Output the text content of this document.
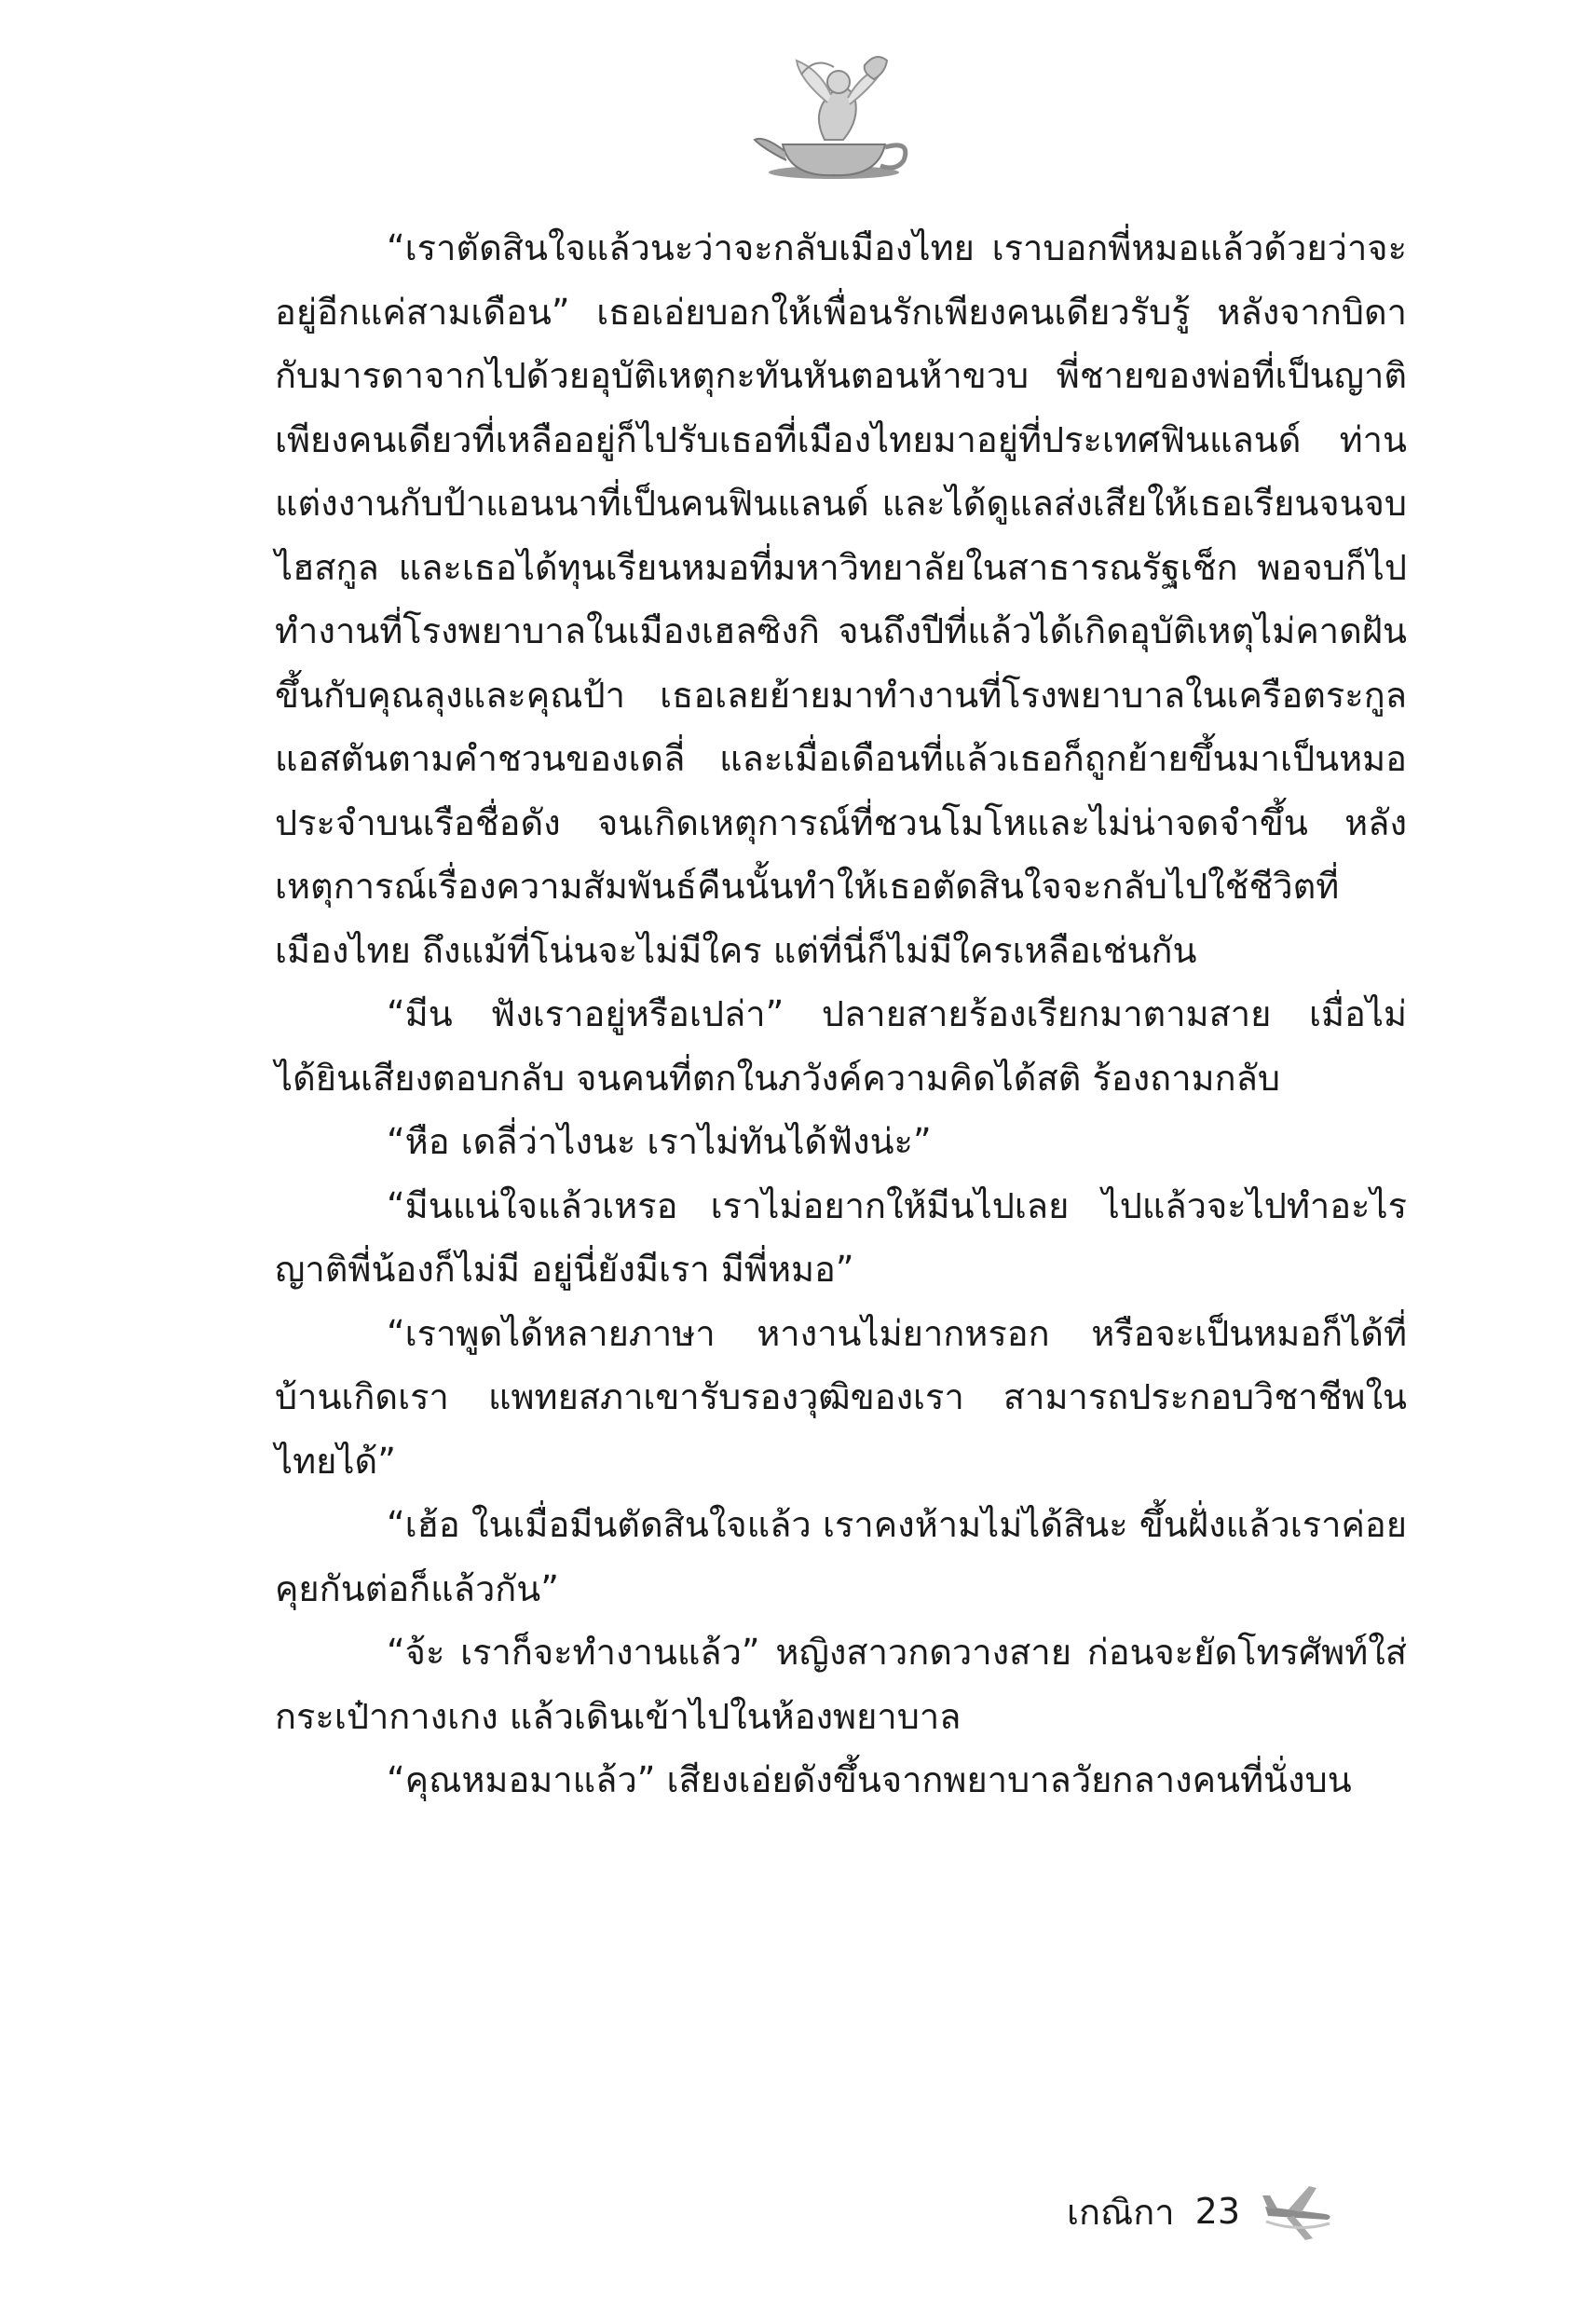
“เราตัดสินใจแล้วนะว่าจะกลับเมืองไทย เราบอกพี่หมอแล้วด้วยว่าจะอยู่อีกแค่สามเดือน” เธอเอ่ยบอกให้เพื่อนรักเพียงคนเดียวรับรู้ หลังจากบิดากับมารดาจากไปด้วยอุบัติเหตุกะทันหันตอนห้าขวบ พี่ชายของพ่อที่เป็นญาติเพียงคนเดียวที่เหลืออยู่ก็ไปรับเธอที่เมืองไทยมาอยู่ที่ประเทศฟินแลนด์ ท่านแต่งงานกับป้าแอนนาที่เป็นคนฟินแลนด์ และได้ดูแลส่งเสียให้เธอเรียนจนจบไฮสกูล และเธอได้ทุนเรียนหมอที่มหาวิทยาลัยในสาธารณรัฐเช็ก พอจบก็ไปทำงานที่โรงพยาบาลในเมืองเฮลซิงกิ จนถึงปีที่แล้วได้เกิดอุบัติเหตุไม่คาดฝันขึ้นกับคุณลุงและคุณป้า เธอเลยย้ายมาทำงานที่โรงพยาบาลในเครือตระกูลแอสตันตามคำชวนของเดลี่ และเมื่อเดือนที่แล้วเธอก็ถูกย้ายขึ้นมาเป็นหมอประจำบนเรือชื่อดัง จนเกิดเหตุการณ์ที่ชวนโมโหและไม่น่าจดจำขึ้น หลังเหตุการณ์เรื่องความสัมพันธ์คืนนั้นทำให้เธอตัดสินใจจะกลับไปใช้ชีวิตที่เมืองไทย ถึงแม้ที่โน่นจะไม่มีใคร แต่ที่นี่ก็ไม่มีใครเหลือเช่นกัน

“มีน ฟังเราอยู่หรือเปล่า” ปลายสายร้องเรียกมาตามสาย เมื่อไม่ได้ยินเสียงตอบกลับ จนคนที่ตกในภวังค์ความคิดได้สติ ร้องถามกลับ

“หือ เดลี่ว่าไงนะ เราไม่ทันได้ฟังน่ะ”

“มีนแน่ใจแล้วเหรอ เราไม่อยากให้มีนไปเลย ไปแล้วจะไปทำอะไร ญาติพี่น้องก็ไม่มี อยู่นี่ยังมีเรา มีพี่หมอ”

“เราพูดได้หลายภาษา หางานไม่ยากหรอก หรือจะเป็นหมอก็ได้ที่บ้านเกิดเรา แพทยสภาเขารับรองวุฒิของเรา สามารถประกอบวิชาชีพในไทยได้”

“เฮ้อ ในเมื่อมีนตัดสินใจแล้ว เราคงห้ามไม่ได้สินะ ขึ้นฝั่งแล้วเราค่อยคุยกันต่อก็แล้วกัน”

“จ้ะ เราก็จะทำงานแล้ว” หญิงสาวกดวางสาย ก่อนจะยัดโทรศัพท์ใส่กระเป๋ากางเกง แล้วเดินเข้าไปในห้องพยาบาล

“คุณหมอมาแล้ว” เสียงเอ่ยดังขึ้นจากพยาบาลวัยกลางคนที่นั่งบน

เกณิกา 23
